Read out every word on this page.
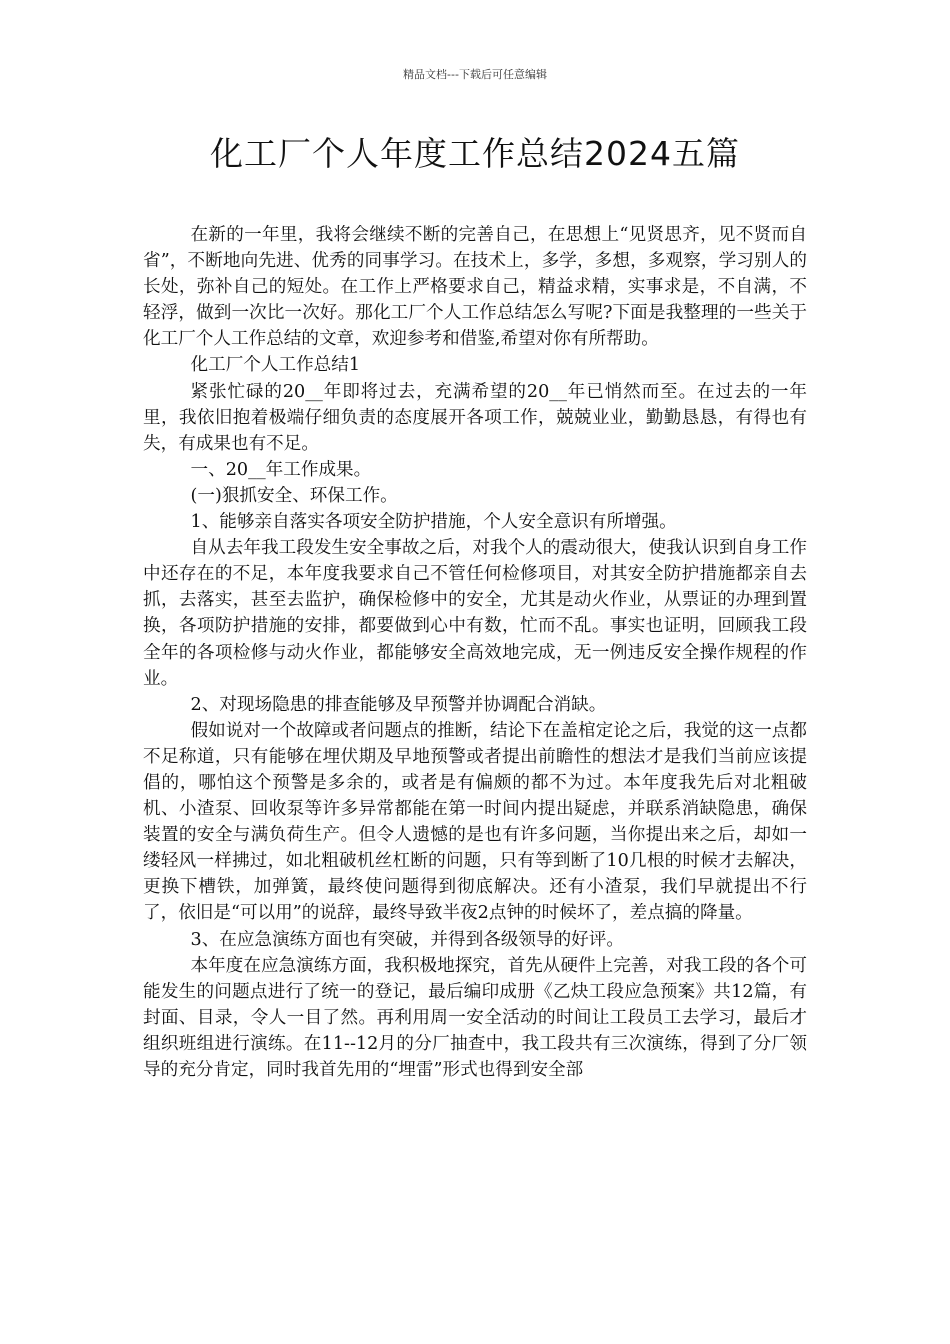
精品文档---下载后可任意编辑
化工厂个人年度工作总结2024五篇

在新的一年里，我将会继续不断的完善自己，在思想上“见贤思齐，见不贤而自省”，不断地向先进、优秀的同事学习。在技术上，多学，多想，多观察，学习别人的长处，弥补自己的短处。在工作上严格要求自己，精益求精，实事求是，不自满，不轻浮，做到一次比一次好。那化工厂个人工作总结怎么写呢?下面是我整理的一些关于化工厂个人工作总结的文章，欢迎参考和借鉴,希望对你有所帮助。

化工厂个人工作总结1

紧张忙碌的20__年即将过去，充满希望的20__年已悄然而至。在过去的一年里，我依旧抱着极端仔细负责的态度展开各项工作，兢兢业业，勤勤恳恳，有得也有失，有成果也有不足。

一、20__年工作成果。

(一)狠抓安全、环保工作。

1、能够亲自落实各项安全防护措施，个人安全意识有所增强。

自从去年我工段发生安全事故之后，对我个人的震动很大，使我认识到自身工作中还存在的不足，本年度我要求自己不管任何检修项目，对其安全防护措施都亲自去抓，去落实，甚至去监护，确保检修中的安全，尤其是动火作业，从票证的办理到置换，各项防护措施的安排，都要做到心中有数，忙而不乱。事实也证明，回顾我工段全年的各项检修与动火作业，都能够安全高效地完成，无一例违反安全操作规程的作业。

2、对现场隐患的排查能够及早预警并协调配合消缺。

假如说对一个故障或者问题点的推断，结论下在盖棺定论之后，我觉的这一点都不足称道，只有能够在埋伏期及早地预警或者提出前瞻性的想法才是我们当前应该提倡的，哪怕这个预警是多余的，或者是有偏颇的都不为过。本年度我先后对北粗破机、小渣泵、回收泵等许多异常都能在第一时间内提出疑虑，并联系消缺隐患，确保装置的安全与满负荷生产。但令人遗憾的是也有许多问题，当你提出来之后，却如一缕轻风一样拂过，如北粗破机丝杠断的问题，只有等到断了10几根的时候才去解决，更换下槽铁，加弹簧，最终使问题得到彻底解决。还有小渣泵，我们早就提出不行了，依旧是“可以用”的说辞，最终导致半夜2点钟的时候坏了，差点搞的降量。

3、在应急演练方面也有突破，并得到各级领导的好评。

本年度在应急演练方面，我积极地探究，首先从硬件上完善，对我工段的各个可能发生的问题点进行了统一的登记，最后编印成册《乙炔工段应急预案》共12篇，有封面、目录，令人一目了然。再利用周一安全活动的时间让工段员工去学习，最后才组织班组进行演练。在11--12月的分厂抽查中，我工段共有三次演练，得到了分厂领导的充分肯定，同时我首先用的“埋雷”形式也得到安全部
